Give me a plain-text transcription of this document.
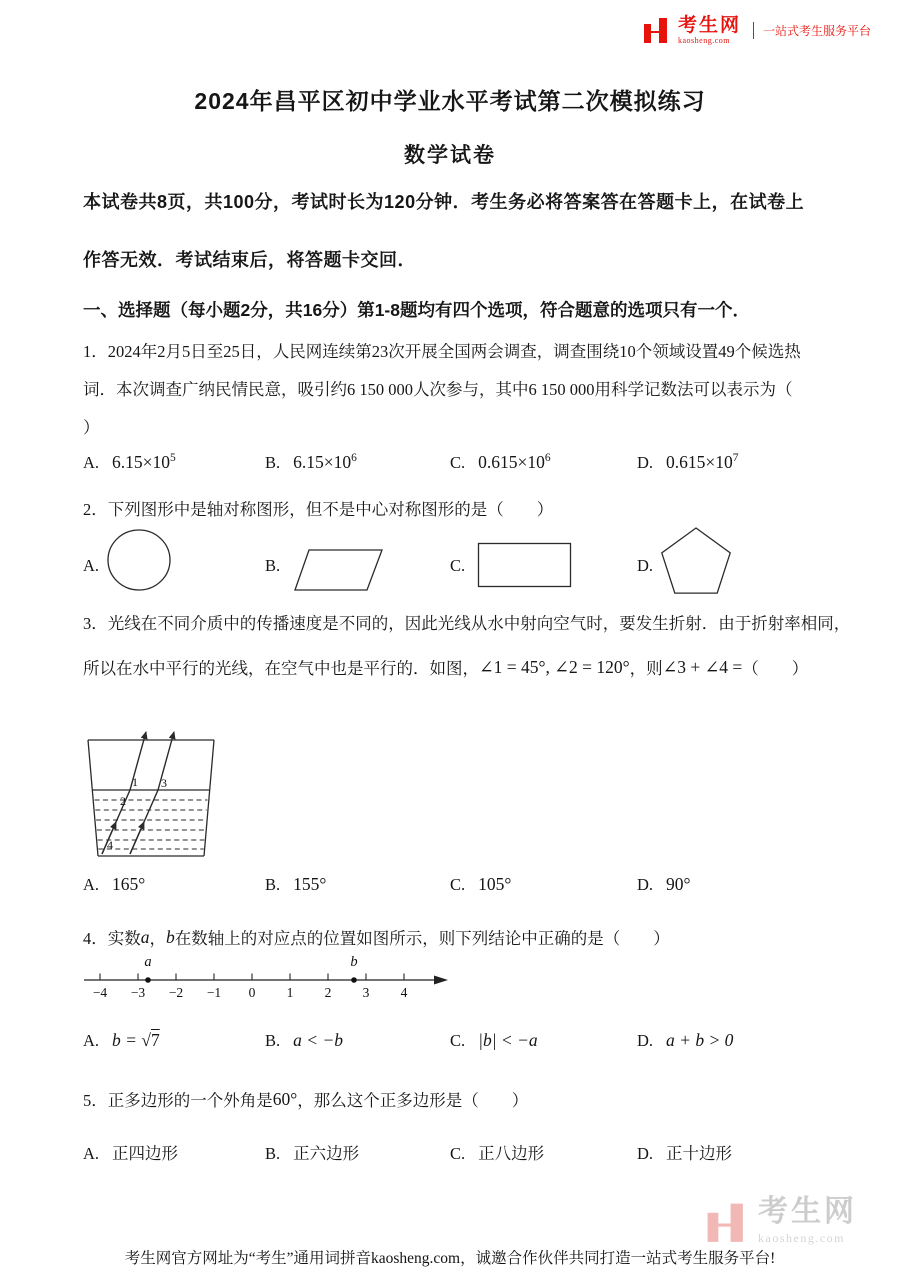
考生网
kaosheng.com
一站式考生服务平台
2024年昌平区初中学业水平考试第二次模拟练习
数学试卷

本试卷共8页，共100分，考试时长为120分钟．考生务必将答案答在答题卡上，在试卷上

作答无效．考试结束后，将答题卡交回．

一、选择题（每小题2分，共16分）第1-8题均有四个选项，符合题意的选项只有一个．

1．2024年2月5日至25日，人民网连续第23次开展全国两会调查，调查围绕10个领域设置49个候选热

词．本次调查广纳民情民意，吸引约6 150 000人次参与，其中6 150 000用科学记数法可以表示为（

）

A. $6.15\times 10^5$	B. $6.15\times 10^6$	C. $0.615\times 10^6$	D. $0.615\times 10^7$

2．下列图形中是轴对称图形，但不是中心对称图形的是（　　）

A.	B.	C.	D.

3．光线在不同介质中的传播速度是不同的，因此光线从水中射向空气时，要发生折射．由于折射率相同，

所以在水中平行的光线，在空气中也是平行的．如图，∠1 = 45°, ∠2 = 120°，则∠3 + ∠4 =（　　）

1
2
3
4
A. 165°	B. 155°	C. 105°	D. 90°

4．实数a，b在数轴上的对应点的位置如图所示，则下列结论中正确的是（　　）

−4 −3 −2 −1 0 1 2 3 4
a	b
A. b = √7	B. a < −b	C. |b| < −a	D. a + b > 0

5．正多边形的一个外角是60°，那么这个正多边形是（　　）

A. 正四边形	B. 正六边形	C. 正八边形	D. 正十边形
考生网
kaosheng.com

考生网官方网址为“考生”通用词拼音kaosheng.com，诚邀合作伙伴共同打造一站式考生服务平台!
